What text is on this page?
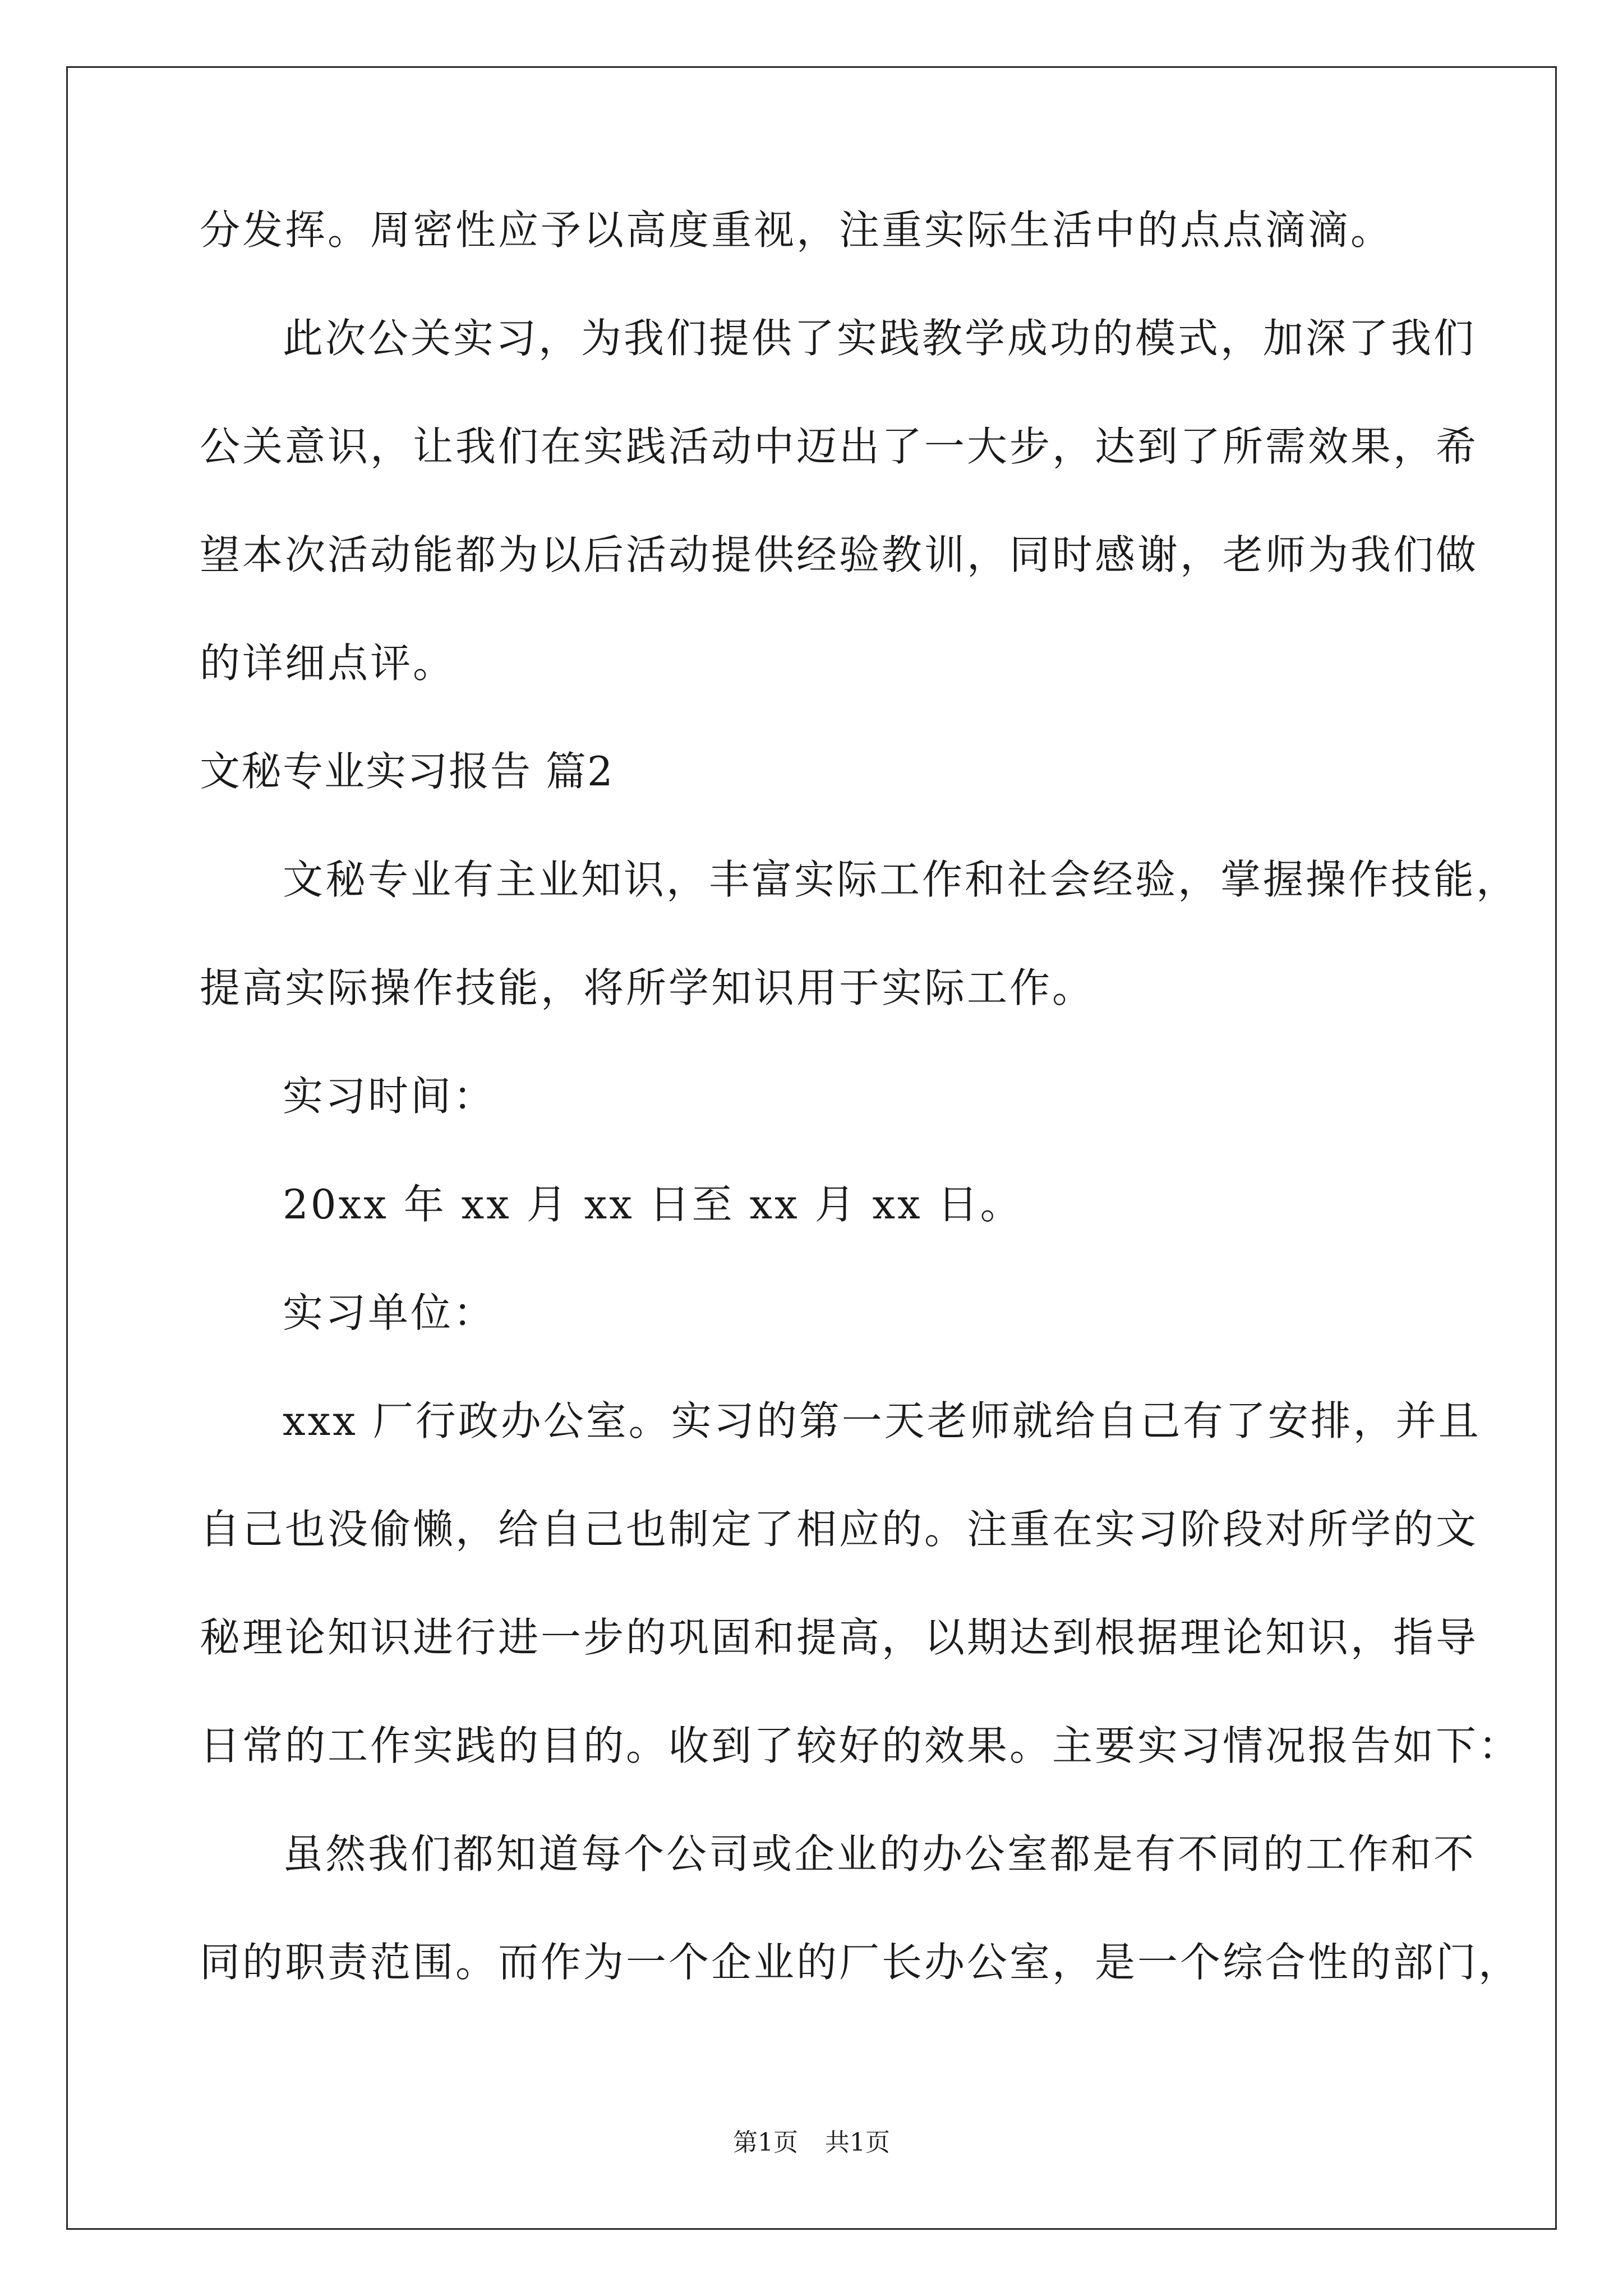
分发挥。周密性应予以高度重视，注重实际生活中的点点滴滴。
此次公关实习，为我们提供了实践教学成功的模式，加深了我们
公关意识，让我们在实践活动中迈出了一大步，达到了所需效果，希
望本次活动能都为以后活动提供经验教训，同时感谢，老师为我们做
的详细点评。
文秘专业实习报告 篇2
文秘专业有主业知识，丰富实际工作和社会经验，掌握操作技能，
提高实际操作技能，将所学知识用于实际工作。
实习时间：
20xx 年 xx 月 xx 日至 xx 月 xx 日。
实习单位：
xxx 厂行政办公室。实习的第一天老师就给自己有了安排，并且
自己也没偷懒，给自己也制定了相应的。注重在实习阶段对所学的文
秘理论知识进行进一步的巩固和提高，以期达到根据理论知识，指导
日常的工作实践的目的。收到了较好的效果。主要实习情况报告如下：
虽然我们都知道每个公司或企业的办公室都是有不同的工作和不
同的职责范围。而作为一个企业的厂长办公室，是一个综合性的部门，
第1页 共1页
